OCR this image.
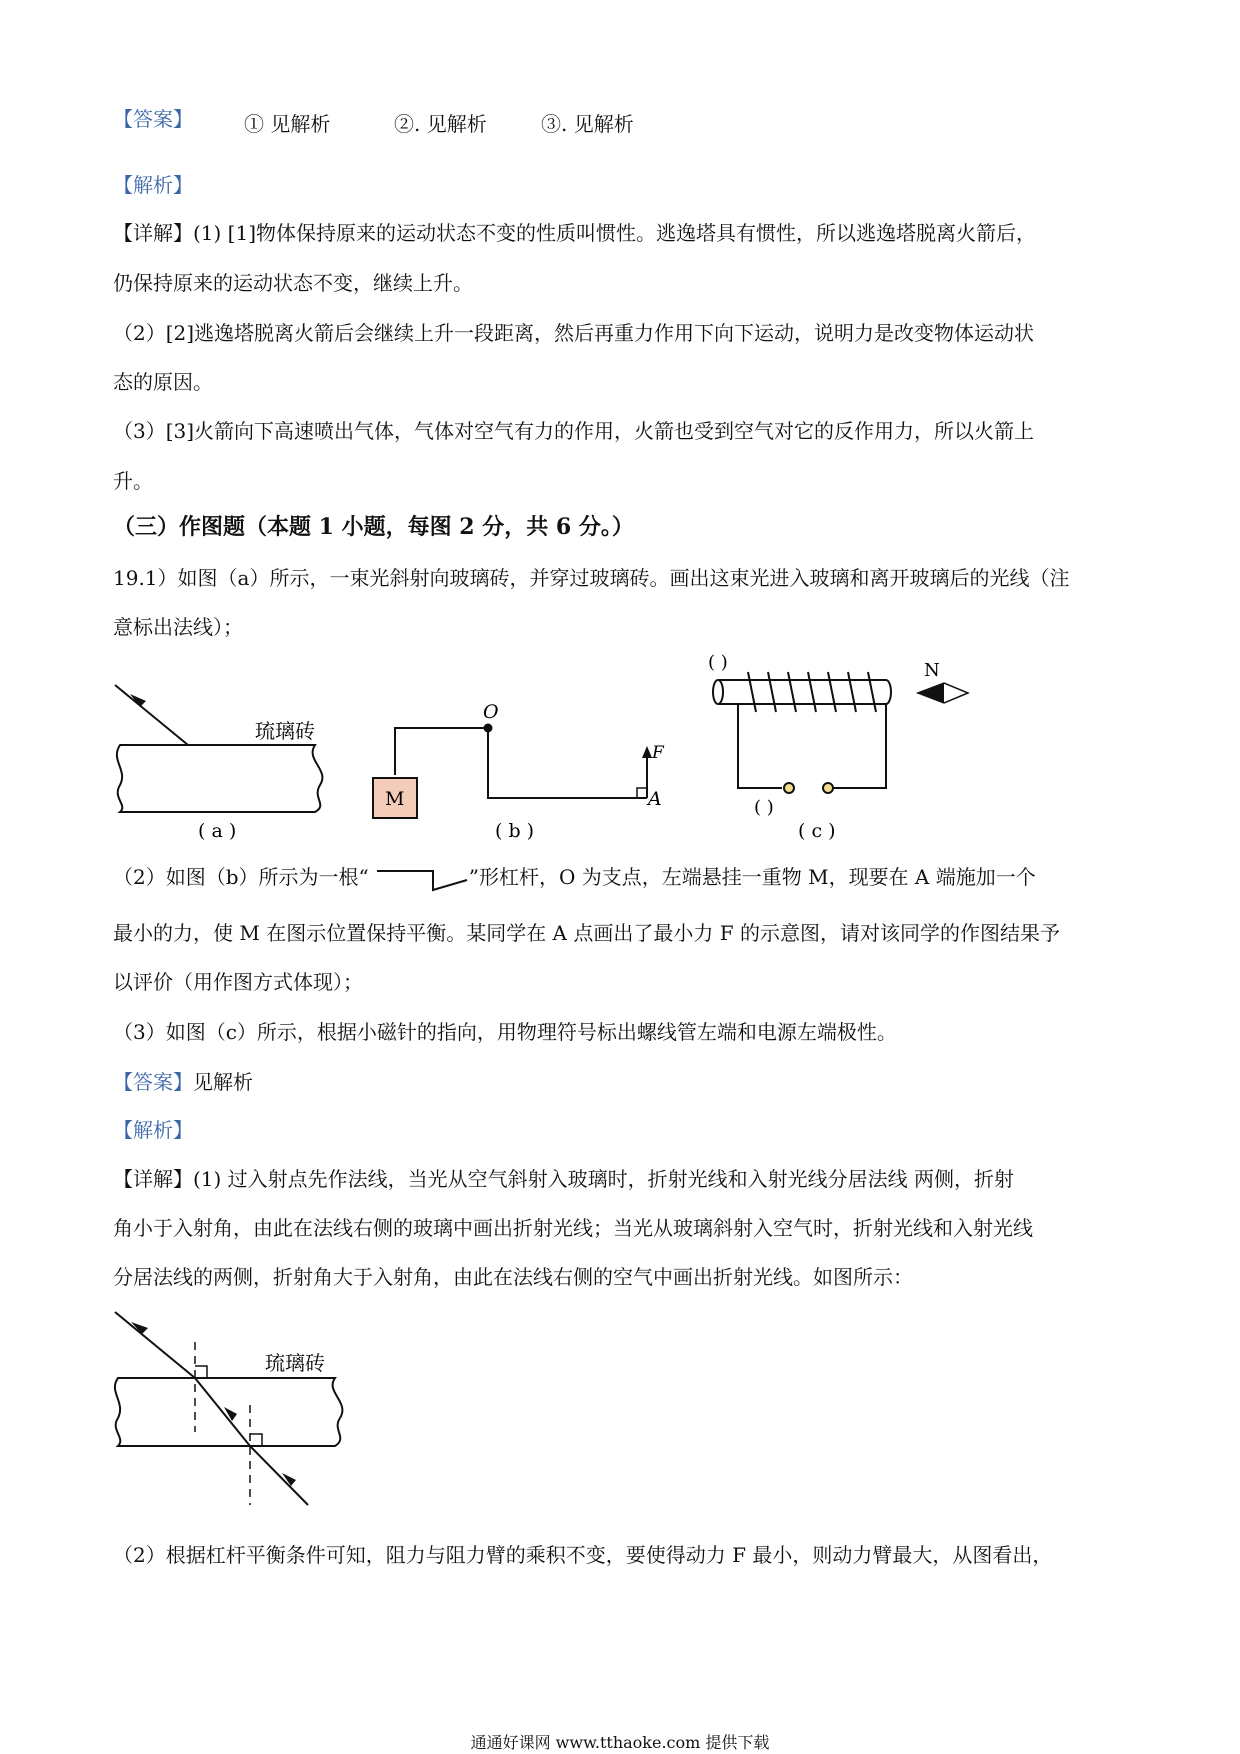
【答案】	① 见解析	②. 见解析	③. 见解析
【解析】
【详解】(1) [1]物体保持原来的运动状态不变的性质叫惯性。逃逸塔具有惯性，所以逃逸塔脱离火箭后，
仍保持原来的运动状态不变，继续上升。
（2）[2]逃逸塔脱离火箭后会继续上升一段距离，然后再重力作用下向下运动，说明力是改变物体运动状
态的原因。
（3）[3]火箭向下高速喷出气体，气体对空气有力的作用，火箭也受到空气对它的反作用力，所以火箭上
升。
（三）作图题（本题 1 小题，每图 2 分，共 6 分。）
19.1）如图（a）所示，一束光斜射向玻璃砖，并穿过玻璃砖。画出这束光进入玻璃和离开玻璃后的光线（注
意标出法线）；
琉璃砖
( a )
M
O
F
A
( b )
N
( )
( )
( c )
（2）如图（b）所示为一根“	”形杠杆，O 为支点，左端悬挂一重物 M，现要在 A 端施加一个
最小的力，使 M 在图示位置保持平衡。某同学在 A 点画出了最小力 F 的示意图，请对该同学的作图结果予
以评价（用作图方式体现）；
（3）如图（c）所示，根据小磁针的指向，用物理符号标出螺线管左端和电源左端极性。
【答案】见解析
【解析】
【详解】(1) 过入射点先作法线，当光从空气斜射入玻璃时，折射光线和入射光线分居法线 两侧，折射
角小于入射角，由此在法线右侧的玻璃中画出折射光线；当光从玻璃斜射入空气时，折射光线和入射光线
分居法线的两侧，折射角大于入射角，由此在法线右侧的空气中画出折射光线。如图所示：
琉璃砖
（2）根据杠杆平衡条件可知，阻力与阻力臂的乘积不变，要使得动力 F 最小，则动力臂最大，从图看出，
通通好课网 www.tthaoke.com 提供下载
